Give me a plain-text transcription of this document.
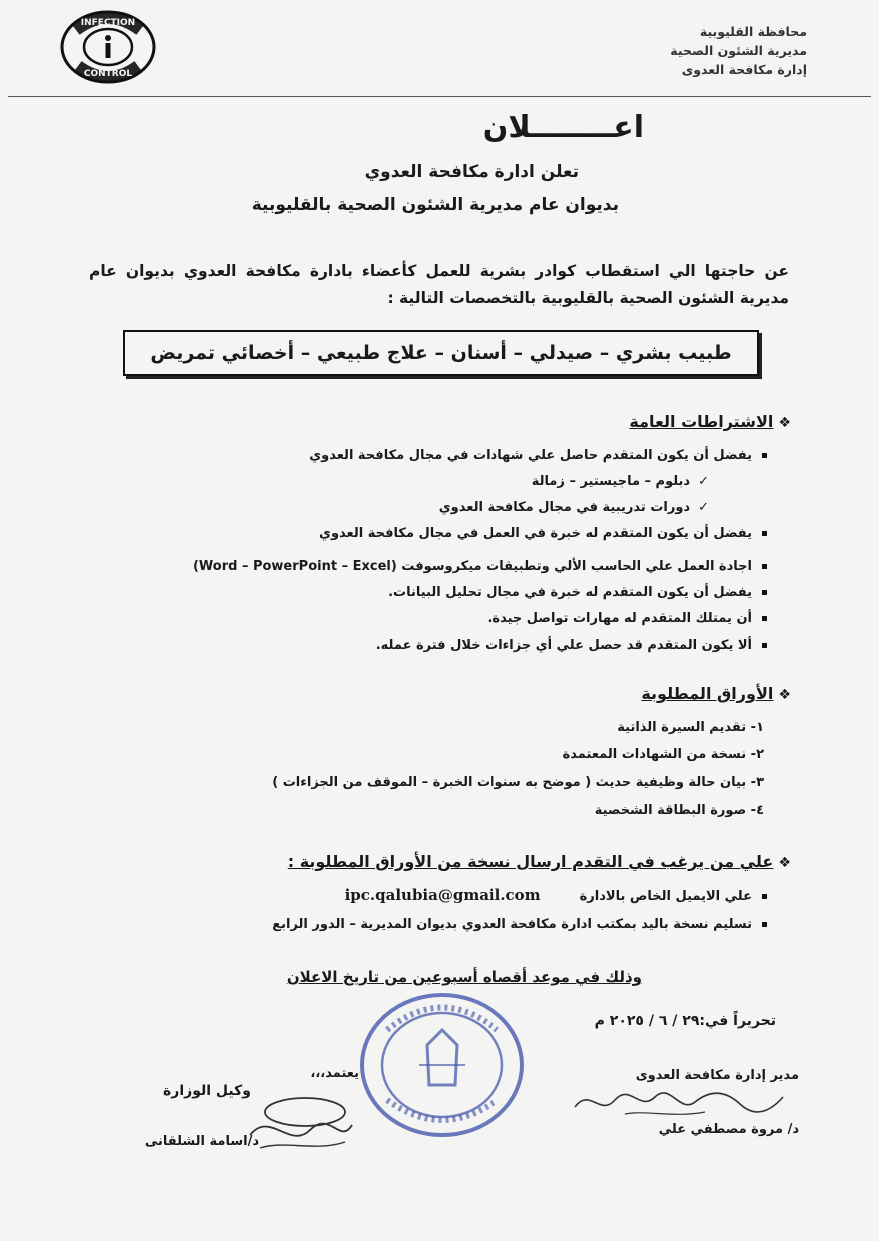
INFECTION
CONTROL
محافظة القليوبية
مديرية الشئون الصحية
إدارة مكافحة العدوى
اعــــــــلان
تعلن ادارة مكافحة العدوي
بديوان عام مديرية الشئون الصحية بالقليوبية
عن حاجتها الي استقطاب كوادر بشرية للعمل كأعضاء بادارة مكافحة العدوي بديوان عام مديرية الشئون الصحية بالقليوبية بالتخصصات التالية :
طبيب بشري – صيدلي – أسنان – علاج طبيعي – أخصائي تمريض
❖ الاشتراطات العامة
يفضل أن يكون المتقدم حاصل علي شهادات في مجال مكافحة العدوي
✓دبلوم – ماجيستير – زمالة
✓دورات تدريبية في مجال مكافحة العدوي
يفضل أن يكون المتقدم له خبرة في العمل في مجال مكافحة العدوي
اجادة العمل علي الحاسب الألي وتطبيقات ميكروسوفت (Word – PowerPoint – Excel)
يفضل أن يكون المتقدم له خبرة في مجال تحليل البيانات.
أن يمتلك المتقدم له مهارات تواصل جيدة.
ألا يكون المتقدم قد حصل علي أي جزاءات خلال فترة عمله.
❖ الأوراق المطلوبة
١- تقديم السيرة الذاتية
٢- نسخة من الشهادات المعتمدة
٣- بيان حالة وظيفية حديث ( موضح به سنوات الخبرة – الموقف من الجزاءات )
٤- صورة البطاقة الشخصية
❖ علي من يرغب في التقدم ارسال نسخة من الأوراق المطلوبة :
علي الايميل الخاص بالادارة  ipc.qalubia@gmail.com
تسليم نسخة باليد بمكتب ادارة مكافحة العدوي بديوان المديرية – الدور الرابع
وذلك في موعد أقصاه أسبوعين من تاريخ الاعلان
تحريراً في:٢٩ / ٦ / ٢٠٢٥ م
مدير إدارة مكافحة العدوى
د/ مروة مصطفي علي
يعتمد،،،
وكيل الوزارة
د/اسامة الشلقانى
